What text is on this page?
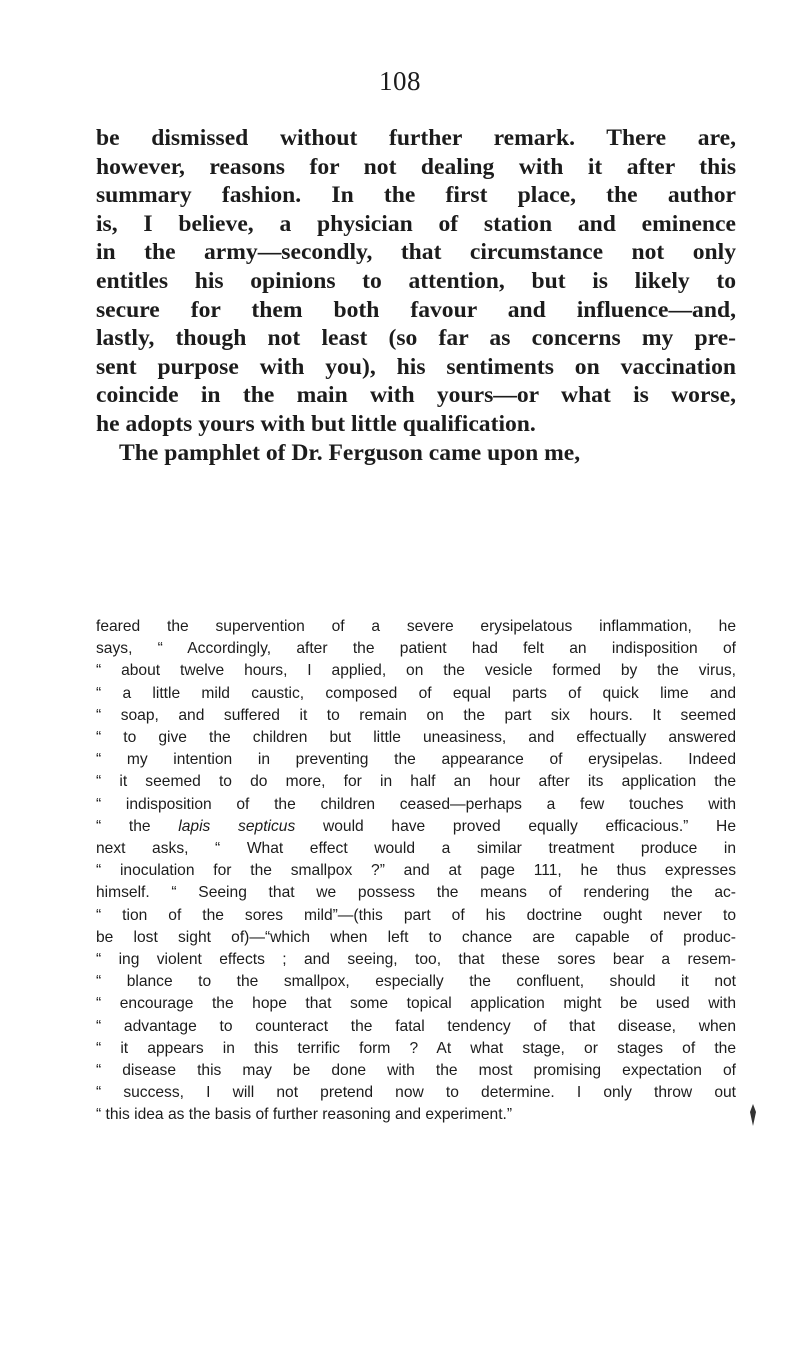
108
be dismissed without further remark. There are,
however, reasons for not dealing with it after this
summary fashion. In the first place, the author
is, I believe, a physician of station and eminence
in the army—secondly, that circumstance not only
entitles his opinions to attention, but is likely to
secure for them both favour and influence—and,
lastly, though not least (so far as concerns my pre-
sent purpose with you), his sentiments on vaccination
coincide in the main with yours—or what is worse,
he adopts yours with but little qualification.
The pamphlet of Dr. Ferguson came upon me,
feared the supervention of a severe erysipelatous inflammation, he
says, “ Accordingly, after the patient had felt an indisposition of
“ about twelve hours, I applied, on the vesicle formed by the virus,
“ a little mild caustic, composed of equal parts of quick lime and
“ soap, and suffered it to remain on the part six hours. It seemed
“ to give the children but little uneasiness, and effectually answered
“ my intention in preventing the appearance of erysipelas. Indeed
“ it seemed to do more, for in half an hour after its application the
“ indisposition of the children ceased—perhaps a few touches with
“ the lapis septicus would have proved equally efficacious.” He
next asks, “ What effect would a similar treatment produce in
“ inoculation for the smallpox ?” and at page 111, he thus expresses
himself. “ Seeing that we possess the means of rendering the ac-
“ tion of the sores mild”—(this part of his doctrine ought never to
be lost sight of)—“which when left to chance are capable of produc-
“ ing violent effects ; and seeing, too, that these sores bear a resem-
“ blance to the smallpox, especially the confluent, should it not
“ encourage the hope that some topical application might be used with
“ advantage to counteract the fatal tendency of that disease, when
“ it appears in this terrific form ? At what stage, or stages of the
“ disease this may be done with the most promising expectation of
“ success, I will not pretend now to determine. I only throw out
“ this idea as the basis of further reasoning and experiment.”
